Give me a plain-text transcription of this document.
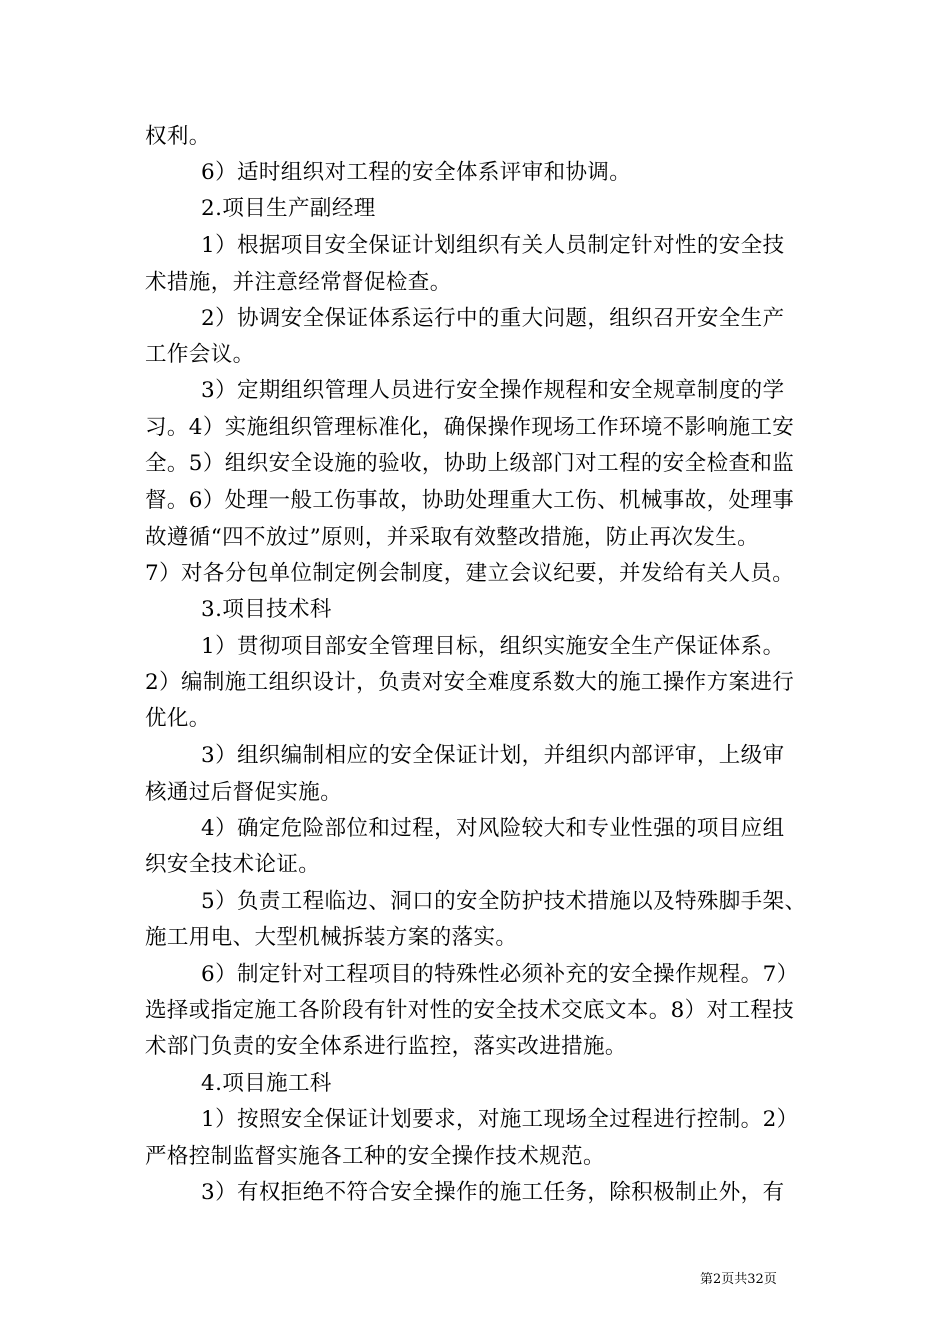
权利。
6）适时组织对工程的安全体系评审和协调。
2.项目生产副经理
1）根据项目安全保证计划组织有关人员制定针对性的安全技
术措施，并注意经常督促检查。
2）协调安全保证体系运行中的重大问题，组织召开安全生产
工作会议。
3）定期组织管理人员进行安全操作规程和安全规章制度的学
习。4）实施组织管理标准化，确保操作现场工作环境不影响施工安
全。5）组织安全设施的验收，协助上级部门对工程的安全检查和监
督。6）处理一般工伤事故，协助处理重大工伤、机械事故，处理事
故遵循“四不放过”原则，并采取有效整改措施，防止再次发生。
7）对各分包单位制定例会制度，建立会议纪要，并发给有关人员。
3.项目技术科
1）贯彻项目部安全管理目标，组织实施安全生产保证体系。
2）编制施工组织设计，负责对安全难度系数大的施工操作方案进行
优化。
3）组织编制相应的安全保证计划，并组织内部评审，上级审
核通过后督促实施。
4）确定危险部位和过程，对风险较大和专业性强的项目应组
织安全技术论证。
5）负责工程临边、洞口的安全防护技术措施以及特殊脚手架、
施工用电、大型机械拆装方案的落实。
6）制定针对工程项目的特殊性必须补充的安全操作规程。7）
选择或指定施工各阶段有针对性的安全技术交底文本。8）对工程技
术部门负责的安全体系进行监控，落实改进措施。
4.项目施工科
1）按照安全保证计划要求，对施工现场全过程进行控制。2）
严格控制监督实施各工种的安全操作技术规范。
3）有权拒绝不符合安全操作的施工任务，除积极制止外，有
第2页共32页
